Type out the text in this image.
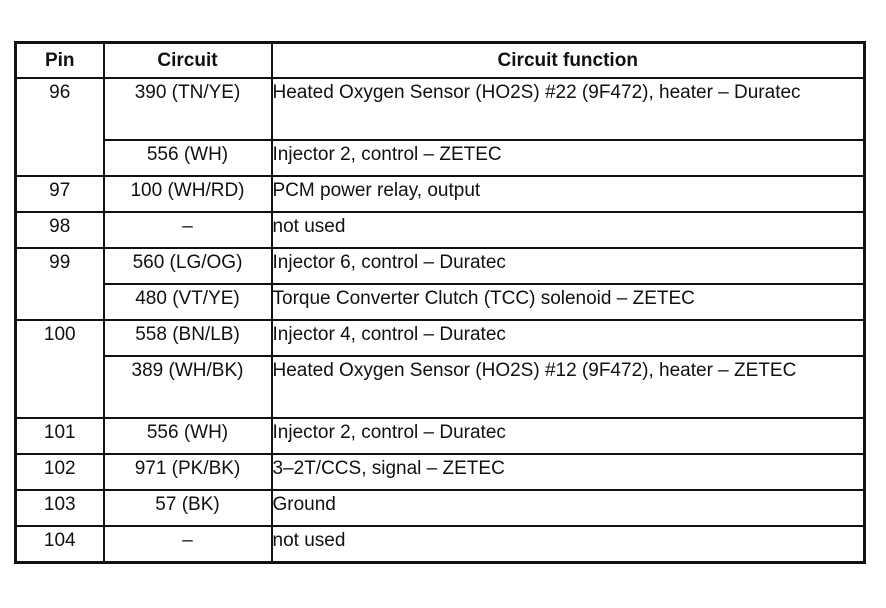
Pin	Circuit	Circuit function
96	390 (TN/YE)	Heated Oxygen Sensor (HO2S) #22 (9F472), heater – Duratec
	556 (WH)	Injector 2, control – ZETEC
97	100 (WH/RD)	PCM power relay, output
98	–	not used
99	560 (LG/OG)	Injector 6, control – Duratec
	480 (VT/YE)	Torque Converter Clutch (TCC) solenoid – ZETEC
100	558 (BN/LB)	Injector 4, control – Duratec
	389 (WH/BK)	Heated Oxygen Sensor (HO2S) #12 (9F472), heater – ZETEC
101	556 (WH)	Injector 2, control – Duratec
102	971 (PK/BK)	3–2T/CCS, signal – ZETEC
103	57 (BK)	Ground
104	–	not used
